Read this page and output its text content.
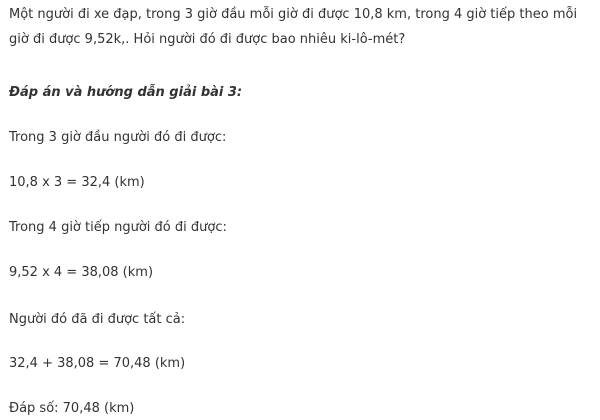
Một người đi xe đạp, trong 3 giờ đầu mỗi giờ đi được 10,8 km, trong 4 giờ tiếp theo mỗi

giờ đi được 9,52k,. Hỏi người đó đi được bao nhiêu ki-lô-mét?

Đáp án và hướng dẫn giải bài 3:

Trong 3 giờ đầu người đó đi được:

10,8 x 3 = 32,4 (km)

Trong 4 giờ tiếp người đó đi được:

9,52 x 4 = 38,08 (km)

Người đó đã đi được tất cả:

32,4 + 38,08 = 70,48 (km)

Đáp số: 70,48 (km)
